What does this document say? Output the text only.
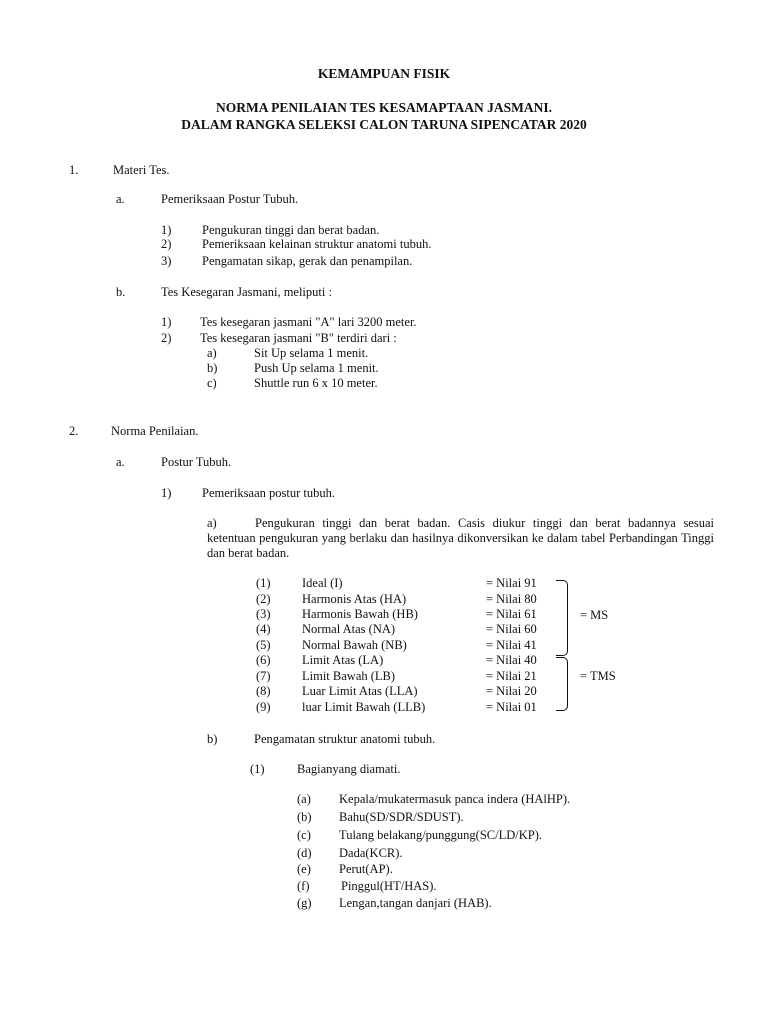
KEMAMPUAN FISIK
NORMA PENILAIAN TES KESAMAPTAAN JASMANI.
DALAM RANGKA SELEKSI CALON TARUNA SIPENCATAR 2020
1.	Materi Tes.
a.	Pemeriksaan Postur Tubuh.
1) Pengukuran tinggi dan berat badan.
2) Pemeriksaan kelainan struktur anatomi tubuh.
3) Pengamatan sikap, gerak dan penampilan.
b.	Tes Kesegaran Jasmani, meliputi :
1) Tes kesegaran jasmani "A" lari 3200 meter.
2) Tes kesegaran jasmani "B" terdiri dari :
a)	Sit Up selama 1 menit.
b)	Push Up selama 1 menit.
c)	Shuttle run 6 x 10 meter.
2.	Norma Penilaian.
a.	Postur Tubuh.
1) Pemeriksaan postur tubuh.
a)	Pengukuran tinggi dan berat badan. Casis diukur tinggi dan berat badannya sesuai ketentuan pengukuran yang berlaku dan hasilnya dikonversikan ke dalam tabel Perbandingan Tinggi dan berat badan.
(1)	Ideal (I)	= Nilai 91
(2)	Harmonis Atas (HA)	= Nilai 80
(3)	Harmonis Bawah (HB)	= Nilai 61
(4)	Normal Atas (NA)	= Nilai 60
(5)	Normal Bawah (NB)	= Nilai 41
(6)	Limit Atas (LA)	= Nilai 40
(7)	Limit Bawah (LB)	= Nilai 21
(8)	Luar Limit Atas (LLA)	= Nilai 20
(9)	luar Limit Bawah (LLB)	= Nilai 01
= MS
= TMS
b)	Pengamatan struktur anatomi tubuh.
(1)	Bagianyang diamati.
(a) Kepala/mukatermasuk panca indera (HAlHP).
(b) Bahu(SD/SDR/SDUST).
(c) Tulang belakang/punggung(SC/LD/KP).
(d) Dada(KCR).
(e) Perut(AP).
(f)	Pinggul(HT/HAS).
(g) Lengan,tangan danjari (HAB).
